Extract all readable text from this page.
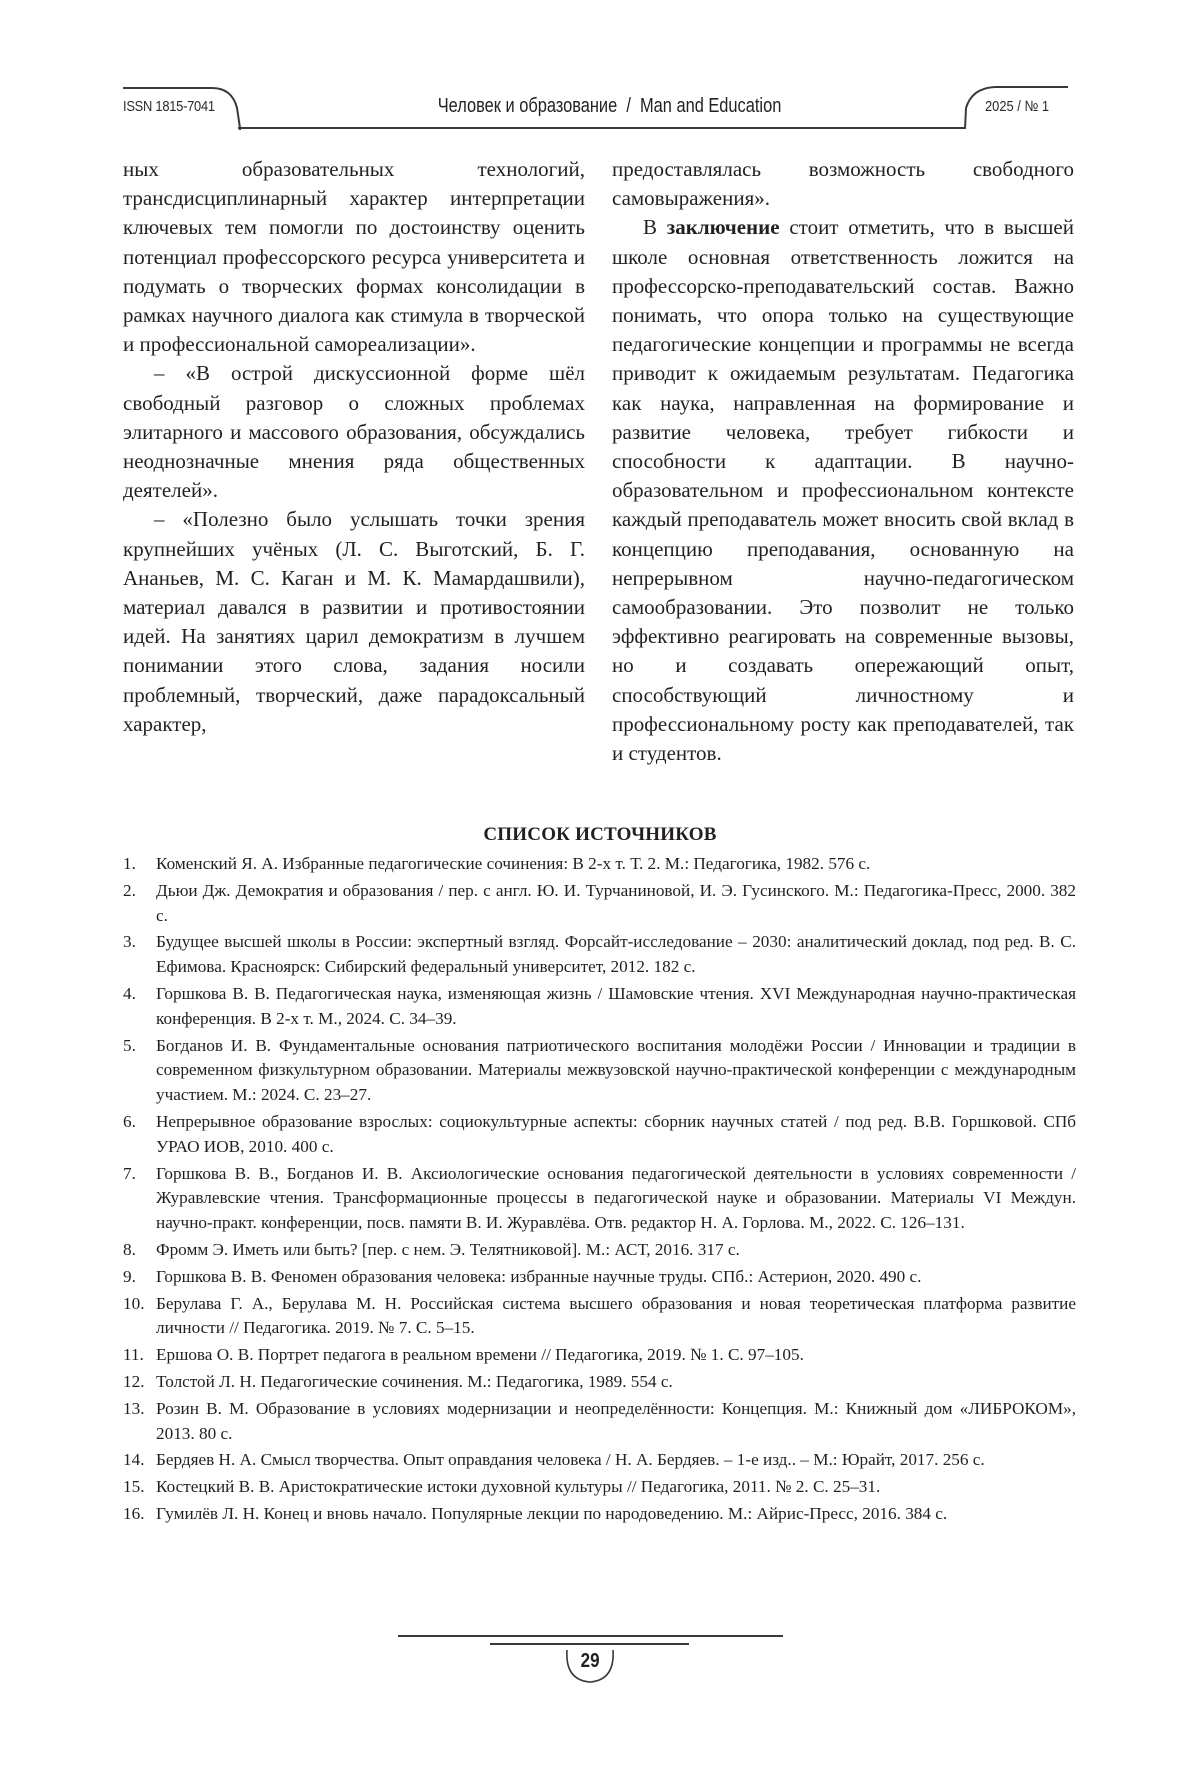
ISSN 1815-7041	Человек и образование  /  Man and Education	2025 / № 1

ных образовательных технологий, трансдисциплинарный характер интерпретации ключевых тем помогли по достоинству оценить потенциал профессорского ресурса университета и подумать о творческих формах консолидации в рамках научного диалога как стимула в творческой и профессиональной самореализации».

– «В острой дискуссионной форме шёл свободный разговор о сложных проблемах элитарного и массового образования, обсуждались неоднозначные мнения ряда общественных деятелей».

– «Полезно было услышать точки зрения крупнейших учёных (Л. С. Выготский, Б. Г. Ананьев, М. С. Каган и М. К. Мамардашвили), материал давался в развитии и противостоянии идей. На занятиях царил демократизм в лучшем понимании этого слова, задания носили проблемный, творческий, даже парадоксальный характер,

предоставлялась возможность свободного самовыражения».

В заключение стоит отметить, что в высшей школе основная ответственность ложится на профессорско-преподавательский состав. Важно понимать, что опора только на существующие педагогические концепции и программы не всегда приводит к ожидаемым результатам. Педагогика как наука, направленная на формирование и развитие человека, требует гибкости и способности к адаптации. В научно-образовательном и профессиональном контексте каждый преподаватель может вносить свой вклад в концепцию преподавания, основанную на непрерывном научно-педагогическом самообразовании. Это позволит не только эффективно реагировать на современные вызовы, но и создавать опережающий опыт, способствующий личностному и профессиональному росту как преподавателей, так и студентов.

СПИСОК ИСТОЧНИКОВ
1. Коменский Я. А. Избранные педагогические сочинения: В 2-х т. Т. 2. М.: Педагогика, 1982. 576 с.
2. Дьюи Дж. Демократия и образования / пер. с англ. Ю. И. Турчаниновой, И. Э. Гусинского. М.: Педагогика-Пресс, 2000. 382 с.
3. Будущее высшей школы в России: экспертный взгляд. Форсайт-исследование – 2030: аналитический доклад, под ред. В. С. Ефимова. Красноярск: Сибирский федеральный университет, 2012. 182 с.
4. Горшкова В. В. Педагогическая наука, изменяющая жизнь / Шамовские чтения. XVI Международная научно-практическая конференция. В 2-х т. М., 2024. С. 34–39.
5. Богданов И. В. Фундаментальные основания патриотического воспитания молодёжи России / Инновации и традиции в современном физкультурном образовании. Материалы межвузовской научно-практической конференции с международным участием. М.: 2024. С. 23–27.
6. Непрерывное образование взрослых: социокультурные аспекты: сборник научных статей / под ред. В.В. Горшковой. СПб УРАО ИОВ, 2010. 400 с.
7. Горшкова В. В., Богданов И. В. Аксиологические основания педагогической деятельности в условиях современности / Журавлевские чтения. Трансформационные процессы в педагогической науке и образовании. Материалы VI Междун. научно-практ. конференции, посв. памяти В. И. Журавлёва. Отв. редактор Н. А. Горлова. М., 2022. С. 126–131.
8. Фромм Э. Иметь или быть? [пер. с нем. Э. Телятниковой]. М.: АСТ, 2016. 317 с.
9. Горшкова В. В. Феномен образования человека: избранные научные труды. СПб.: Астерион, 2020. 490 с.
10. Берулава Г. А., Берулава М. Н. Российская система высшего образования и новая теоретическая платформа развитие личности // Педагогика. 2019. № 7. С. 5–15.
11. Ершова О. В. Портрет педагога в реальном времени // Педагогика, 2019. № 1. С. 97–105.
12. Толстой Л. Н. Педагогические сочинения. М.: Педагогика, 1989. 554 с.
13. Розин В. М. Образование в условиях модернизации и неопределённости: Концепция. М.: Книжный дом «ЛИБРОКОМ», 2013. 80 с.
14. Бердяев Н. А. Смысл творчества. Опыт оправдания человека / Н. А. Бердяев. – 1-е изд.. – М.: Юрайт, 2017. 256 с.
15. Костецкий В. В. Аристократические истоки духовной культуры // Педагогика, 2011. № 2. С. 25–31.
16. Гумилёв Л. Н. Конец и вновь начало. Популярные лекции по народоведению. М.: Айрис-Пресс, 2016. 384 с.
29
